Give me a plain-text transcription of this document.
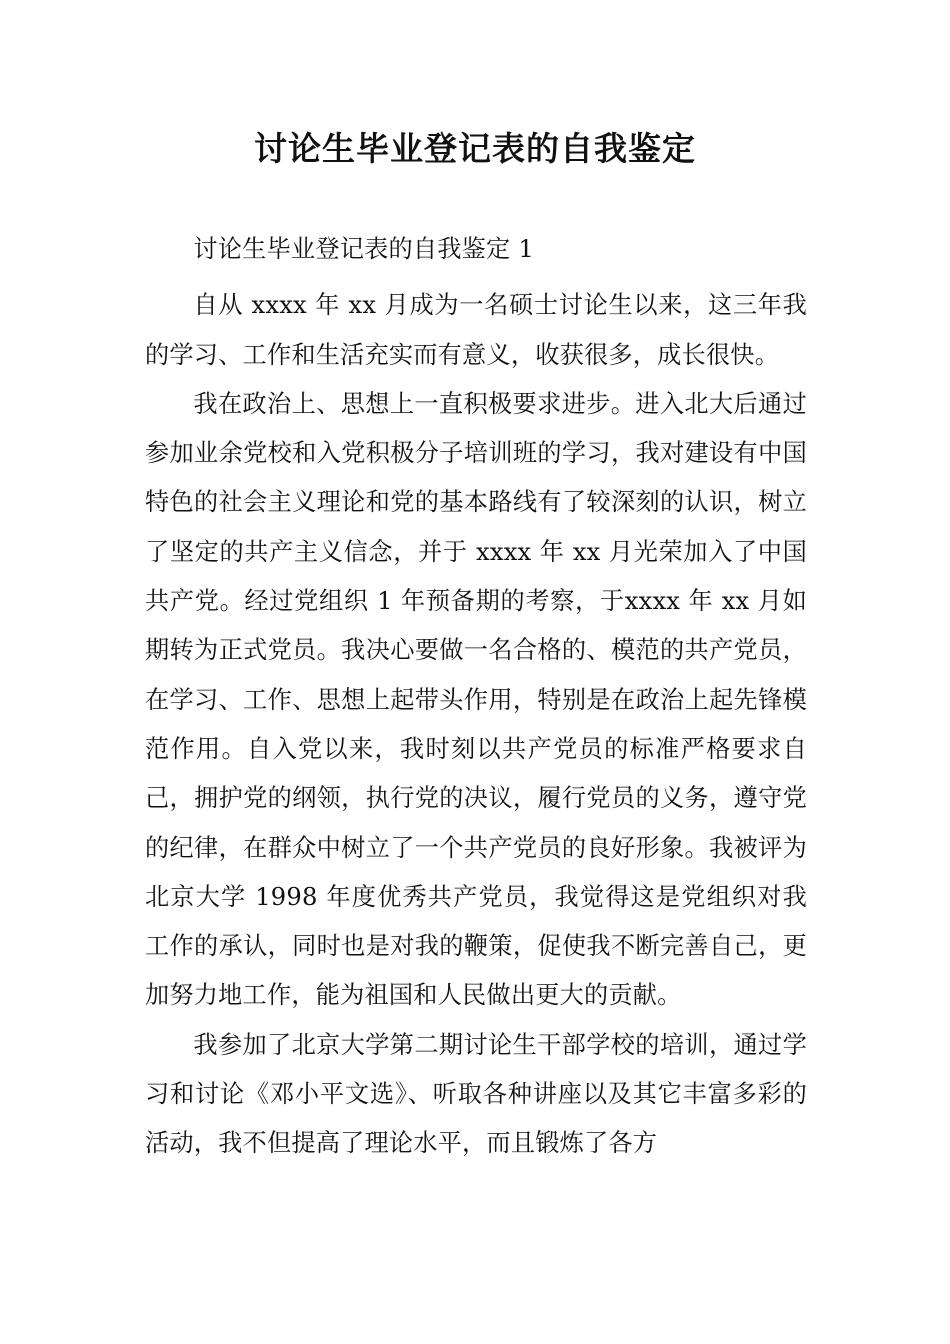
讨论生毕业登记表的自我鉴定

讨论生毕业登记表的自我鉴定 1

自从 xxxx 年 xx 月成为一名硕士讨论生以来，这三年我的学习、工作和生活充实而有意义，收获很多，成长很快。

我在政治上、思想上一直积极要求进步。进入北大后通过参加业余党校和入党积极分子培训班的学习，我对建设有中国特色的社会主义理论和党的基本路线有了较深刻的认识，树立了坚定的共产主义信念，并于 xxxx 年 xx 月光荣加入了中国共产党。经过党组织 1 年预备期的考察，于xxxx 年 xx 月如期转为正式党员。我决心要做一名合格的、模范的共产党员，在学习、工作、思想上起带头作用，特别是在政治上起先锋模范作用。自入党以来，我时刻以共产党员的标准严格要求自己，拥护党的纲领，执行党的决议，履行党员的义务，遵守党的纪律，在群众中树立了一个共产党员的良好形象。我被评为北京大学 1998 年度优秀共产党员，我觉得这是党组织对我工作的承认，同时也是对我的鞭策，促使我不断完善自己，更加努力地工作，能为祖国和人民做出更大的贡献。

我参加了北京大学第二期讨论生干部学校的培训，通过学习和讨论《邓小平文选》、听取各种讲座以及其它丰富多彩的活动，我不但提高了理论水平，而且锻炼了各方
